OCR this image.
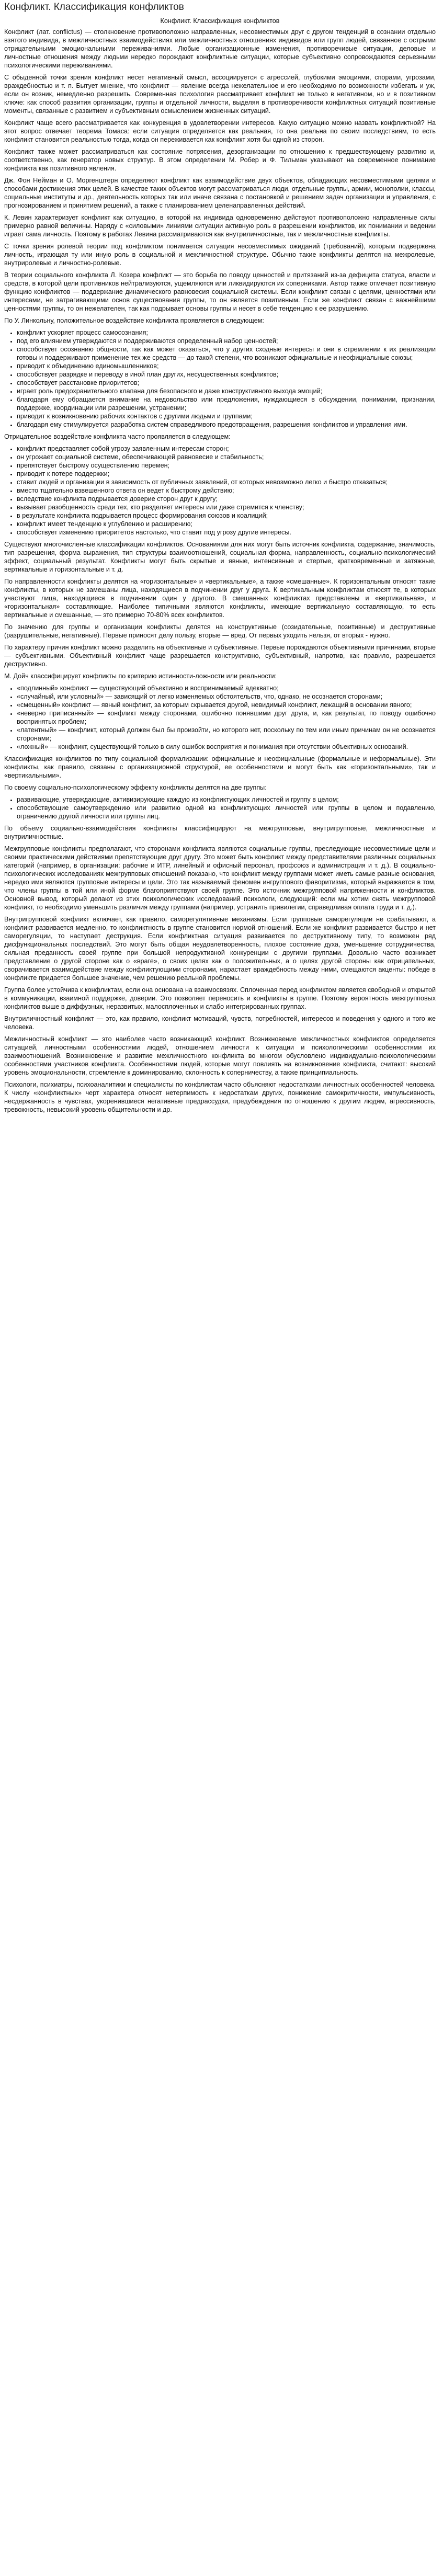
Конфликт. Классификация конфликтов

Конфликт. Классификация конфликтов

Конфликт (лат. conflictus) — столкновение противоположно направленных, несовместимых друг с другом тенденций в сознании отдельно взятого индивида, в межличностных взаимодействиях или межличностных отношениях индивидов или групп людей, связанное с острыми отрицательными эмоциональными переживаниями. Любые организационные изменения, противоречивые ситуации, деловые и личностные отношения между людьми нередко порождают конфликтные ситуации, которые субъективно сопровождаются серьезными психологическими переживаниями.

С обыденной точки зрения конфликт несет негативный смысл, ассоциируется с агрессией, глубокими эмоциями, спорами, угрозами, враждебностью и т. п. Бытует мнение, что конфликт — явление всегда нежелательное и его необходимо по возможности избегать и уж, если он возник, немедленно разрешить. Современная психология рассматривает конфликт не только в негативном, но и в позитивном ключе: как способ развития организации, группы и отдельной личности, выделяя в противоречивости конфликтных ситуаций позитивные моменты, связанные с развитием и субъективным осмыслением жизненных ситуаций.

Конфликт чаще всего рассматривается как конкуренция в удовлетворении интересов. Какую ситуацию можно назвать конфликтной? На этот вопрос отвечает теорема Томаса: если ситуация определяется как реальная, то она реальна по своим последствиям, то есть конфликт становится реальностью тогда, когда он переживается как конфликт хотя бы одной из сторон.

Конфликт также может рассматриваться как состояние потрясения, дезорганизации по отношению к предшествующему развитию и, соответственно, как генератор новых структур. В этом определении М. Робер и Ф. Тильман указывают на современное понимание конфликта как позитивного явления.

Дж. Фон Нейман и О. Моргенштерн определяют конфликт как взаимодействие двух объектов, обладающих несовместимыми целями и способами достижения этих целей. В качестве таких объектов могут рассматриваться люди, отдельные группы, армии, монополии, классы, социальные институты и др., деятельность которых так или иначе связана с постановкой и решением задач организации и управления, с прогнозированием и принятием решений, а также с планированием целенаправленных действий.

К. Левин характеризует конфликт как ситуацию, в которой на индивида одновременно действуют противоположно направленные силы примерно равной величины. Наряду с «силовыми» линиями ситуации активную роль в разрешении конфликтов, их понимании и ведении играет сама личность. Поэтому в работах Левина рассматриваются как внутриличностные, так и межличностные конфликты.

С точки зрения ролевой теории под конфликтом понимается ситуация несовместимых ожиданий (требований), которым подвержена личность, играющая ту или иную роль в социальной и межличностной структуре. Обычно такие конфликты делятся на межролевые, внутриролевые и личностно-ролевые.

В теории социального конфликта Л. Козера конфликт — это борьба по поводу ценностей и притязаний из-за дефицита статуса, власти и средств, в которой цели противников нейтрализуются, ущемляются или ликвидируются их соперниками. Автор также отмечает позитивную функцию конфликтов — поддержание динамического равновесия социальной системы. Если конфликт связан с целями, ценностями или интересами, не затрагивающими основ существования группы, то он является позитивным. Если же конфликт связан с важнейшими ценностями группы, то он нежелателен, так как подрывает основы группы и несет в себе тенденцию к ее разрушению.

По У. Линкольну, положительное воздействие конфликта проявляется в следующем:

• конфликт ускоряет процесс самосознания;
• под его влиянием утверждаются и поддерживаются определенный набор ценностей;
• способствует осознанию общности, так как может оказаться, что у других сходные интересы и они в стремлении к их реализации готовы и поддерживают применение тех же средств — до такой степени, что возникают официальные и неофициальные союзы;
• приводит к объединению единомышленников;
• способствует разрядке и переводу в иной план других, несущественных конфликтов;
• способствует расстановке приоритетов;
• играет роль предохранительного клапана для безопасного и даже конструктивного выхода эмоций;
• благодаря ему обращается внимание на недовольство или предложения, нуждающиеся в обсуждении, понимании, признании, поддержке, координации или разрешении, устранении;
• приводит к возникновению рабочих контактов с другими людьми и группами;
• благодаря ему стимулируется разработка систем справедливого предотвращения, разрешения конфликтов и управления ими.

Отрицательное воздействие конфликта часто проявляется в следующем:

• конфликт представляет собой угрозу заявленным интересам сторон;
• он угрожает социальной системе, обеспечивающей равновесие и стабильность;
• препятствует быстрому осуществлению перемен;
• приводит к потере поддержки;
• ставит людей и организации в зависимость от публичных заявлений, от которых невозможно легко и быстро отказаться;
• вместо тщательно взвешенного ответа он ведет к быстрому действию;
• вследствие конфликта подрывается доверие сторон друг к другу;
• вызывает разобщенность среди тех, кто разделяет интересы или даже стремится к членству;
• в результате конфликта подрывается процесс формирования союзов и коалиций;
• конфликт имеет тенденцию к углублению и расширению;
• способствует изменению приоритетов настолько, что ставит под угрозу другие интересы.

Существуют многочисленные классификации конфликтов. Основаниями для них могут быть источник конфликта, содержание, значимость, тип разрешения, форма выражения, тип структуры взаимоотношений, социальная форма, направленность, социально-психологический эффект, социальный результат. Конфликты могут быть скрытые и явные, интенсивные и стертые, кратковременные и затяжные, вертикальные и горизонтальные и т. д.

По направленности конфликты делятся на «горизонтальные» и «вертикальные», а также «смешанные». К горизонтальным относят такие конфликты, в которых не замешаны лица, находящиеся в подчинении друг у друга. К вертикальным конфликтам относят те, в которых участвуют лица, находящиеся в подчинении один у другого. В смешанных конфликтах представлены и «вертикальная», и «горизонтальная» составляющие. Наиболее типичными являются конфликты, имеющие вертикальную составляющую, то есть вертикальные и смешанные, — это примерно 70-80% всех конфликтов.

По значению для группы и организации конфликты делятся на конструктивные (созидательные, позитивные) и деструктивные (разрушительные, негативные). Первые приносят делу пользу, вторые — вред. От первых уходить нельзя, от вторых - нужно.

По характеру причин конфликт можно разделить на объективные и субъективные. Первые порождаются объективными причинами, вторые — субъективными. Объективный конфликт чаще разрешается конструктивно, субъективный, напротив, как правило, разрешается деструктивно.

М. Дойч классифицирует конфликты по критерию истинности-ложности или реальности:

• «подлинный» конфликт — существующий объективно и воспринимаемый адекватно;
• «случайный, или условный» — зависящий от легко изменяемых обстоятельств, что, однако, не осознается сторонами;
• «смещенный» конфликт — явный конфликт, за которым скрывается другой, невидимый конфликт, лежащий в основании явного;
• «неверно приписанный» — конфликт между сторонами, ошибочно понявшими друг друга, и, как результат, по поводу ошибочно воспринятых проблем;
• «латентный» — конфликт, который должен был бы произойти, но которого нет, поскольку по тем или иным причинам он не осознается сторонами;
• «ложный» — конфликт, существующий только в силу ошибок восприятия и понимания при отсутствии объективных оснований.

Классификация конфликтов по типу социальной формализации: официальные и неофициальные (формальные и неформальные). Эти конфликты, как правило, связаны с организационной структурой, ее особенностями и могут быть как «горизонтальными», так и «вертикальными».

По своему социально-психологическому эффекту конфликты делятся на две группы:

• развивающие, утверждающие, активизирующие каждую из конфликтующих личностей и группу в целом;
• способствующие самоутверждению или развитию одной из конфликтующих личностей или группы в целом и подавлению, ограничению другой личности или группы лиц.

По объему социально-взаимодействия конфликты классифицируют на межгрупповые, внутригрупповые, межличностные и внутриличностные.

Межгрупповые конфликты предполагают, что сторонами конфликта являются социальные группы, преследующие несовместимые цели и своими практическими действиями препятствующие друг другу. Это может быть конфликт между представителями различных социальных категорий (например, в организации: рабочие и ИТР, линейный и офисный персонал, профсоюз и администрация и т. д.). В социально-психологических исследованиях межгрупповых отношений показано, что конфликт между группами может иметь самые разные основания, нередко ими являются групповые интересы и цели. Это так называемый феномен ингруппового фаворитизма, который выражается в том, что члены группы в той или иной форме благоприятствуют своей группе. Это источник межгрупповой напряженности и конфликтов. Основной вывод, который делают из этих психологических исследований психологи, следующий: если мы хотим снять межгрупповой конфликт, то необходимо уменьшить различия между группами (например, устранить привилегии, справедливая оплата труда и т. д.).

Внутригрупповой конфликт включает, как правило, саморегулятивные механизмы. Если групповые саморегуляции не срабатывают, а конфликт развивается медленно, то конфликтность в группе становится нормой отношений. Если же конфликт развивается быстро и нет саморегуляции, то наступает деструкция. Если конфликтная ситуация развивается по деструктивному типу, то возможен ряд дисфункциональных последствий. Это могут быть общая неудовлетворенность, плохое состояние духа, уменьшение сотрудничества, сильная преданность своей группе при большой непродуктивной конкуренции с другими группами. Довольно часто возникает представление о другой стороне как о «враге», о своих целях как о положительных, а о целях другой стороны как отрицательных, сворачивается взаимодействие между конфликтующими сторонами, нарастает враждебность между ними, смещаются акценты: победе в конфликте придается большее значение, чем решению реальной проблемы.

Группа более устойчива к конфликтам, если она основана на взаимосвязях. Сплоченная перед конфликтом является свободной и открытой в коммуникации, взаимной поддержке, доверии. Это позволяет переносить и конфликты в группе. Поэтому вероятность межгрупповых конфликтов выше в диффузных, неразвитых, малосплоченных и слабо интегрированных группах.

Внутриличностный конфликт — это, как правило, конфликт мотиваций, чувств, потребностей, интересов и поведения у одного и того же человека.

Межличностный конфликт — это наиболее часто возникающий конфликт. Возникновение межличностных конфликтов определяется ситуацией, личностными особенностями людей, отношением личности к ситуации и психологическими особенностями их взаимоотношений. Возникновение и развитие межличностного конфликта во многом обусловлено индивидуально-психологическими особенностями участников конфликта. Особенностями людей, которые могут повлиять на возникновение конфликта, считают: высокий уровень эмоциональности, стремление к доминированию, склонность к соперничеству, а также принципиальность.

Психологи, психиатры, психоаналитики и специалисты по конфликтам часто объясняют недостатками личностных особенностей человека. К числу «конфликтных» черт характера относят нетерпимость к недостаткам других, понижение самокритичности, импульсивность, несдержанность в чувствах, укоренившиеся негативные предрассудки, предубеждения по отношению к другим людям, агрессивность, тревожность, невысокий уровень общительности и др.
